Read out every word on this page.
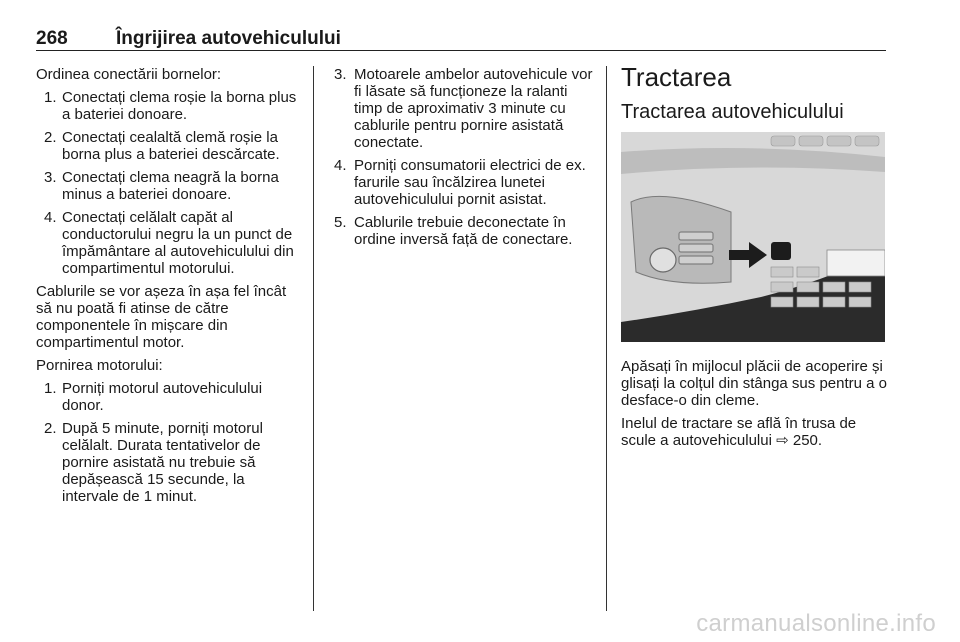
268	Îngrijirea autovehiculului

Ordinea conectării bornelor:

1. Conectați clema roșie la borna plus a bateriei donoare.
2. Conectați cealaltă clemă roșie la borna plus a bateriei descărcate.
3. Conectați clema neagră la borna minus a bateriei donoare.
4. Conectați celălalt capăt al conductorului negru la un punct de împământare al autovehiculului din compartimentul motorului.

Cablurile se vor așeza în așa fel încât să nu poată fi atinse de către componentele în mișcare din compartimentul motor.

Pornirea motorului:

1. Porniți motorul autovehiculului donor.
2. După 5 minute, porniți motorul celălalt. Durata tentativelor de pornire asistată nu trebuie să depășească 15 secunde, la intervale de 1 minut.
3. Motoarele ambelor autovehicule vor fi lăsate să funcționeze la ralanti timp de aproximativ 3 minute cu cablurile pentru pornire asistată conectate.
4. Porniți consumatorii electrici de ex. farurile sau încălzirea lunetei autovehiculului pornit asistat.
5. Cablurile trebuie deconectate în ordine inversă față de conectare.
Tractarea
Tractarea autovehiculului

Apăsați în mijlocul plăcii de acoperire și glisați la colțul din stânga sus pentru a o desface-o din cleme.

Inelul de tractare se află în trusa de scule a autovehiculului ⇨ 250.

carmanualsonline.info
